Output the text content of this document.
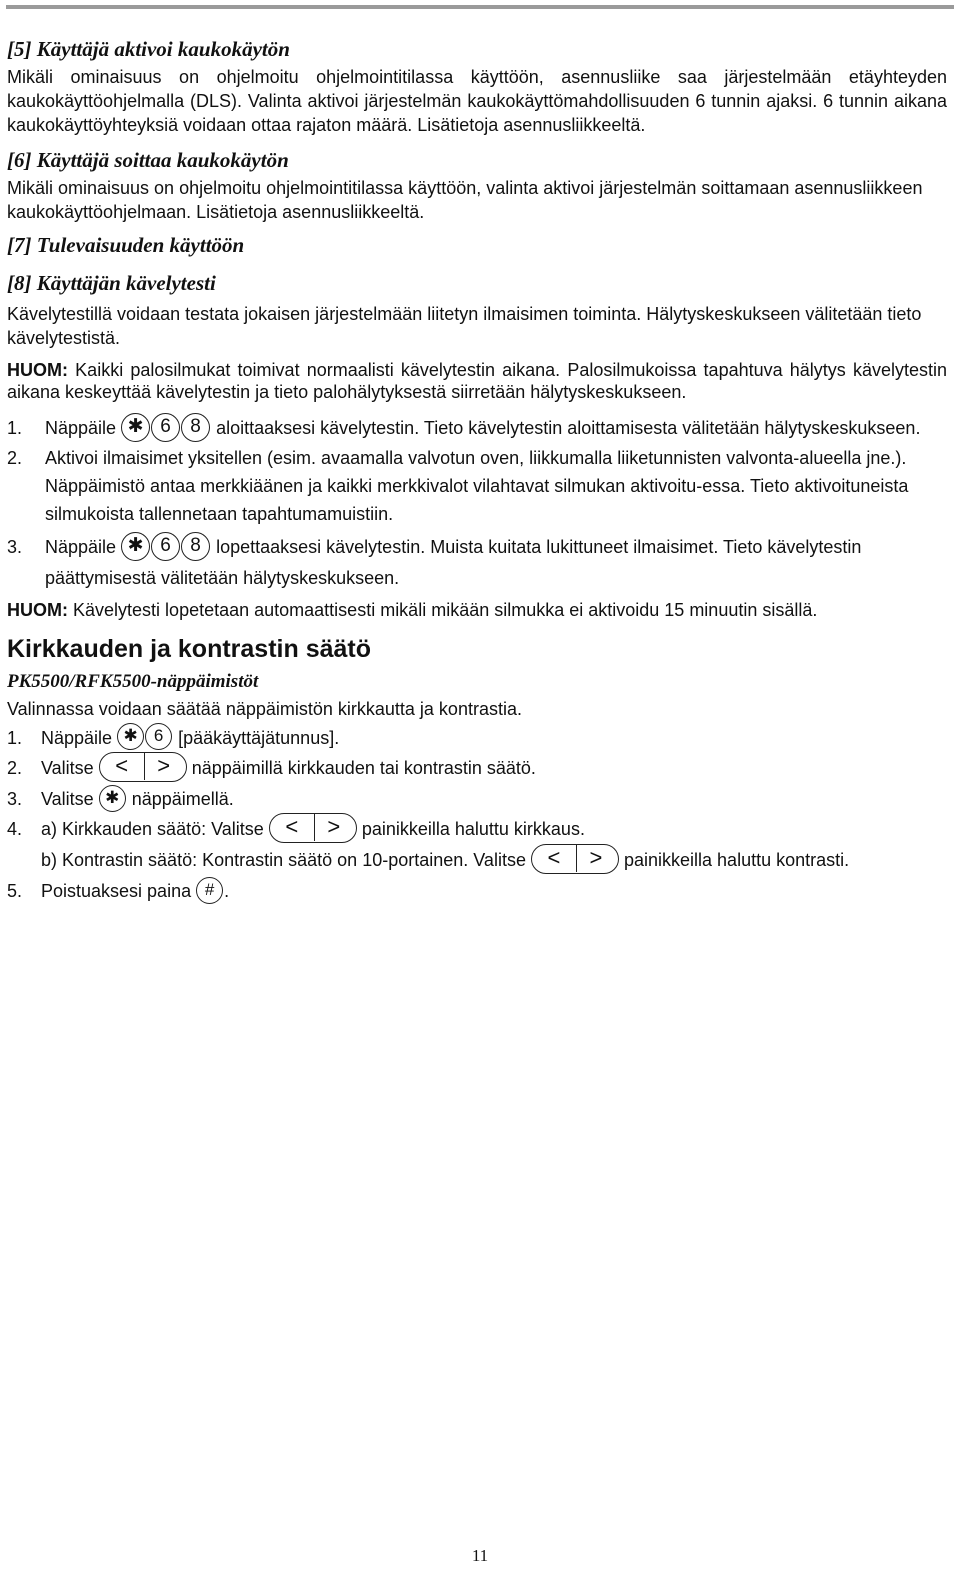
[5] Käyttäjä aktivoi kaukokäytön

Mikäli ominaisuus on ohjelmoitu ohjelmointitilassa käyttöön, asennusliike saa järjestelmään etäyhteyden kaukokäyttöohjelmalla (DLS). Valinta aktivoi järjestelmän kaukokäyttömahdollisuuden 6 tunnin ajaksi. 6 tunnin aikana kaukokäyttöyhteyksiä voidaan ottaa rajaton määrä. Lisätietoja asennusliikkeeltä.

[6] Käyttäjä soittaa kaukokäytön

Mikäli ominaisuus on ohjelmoitu ohjelmointitilassa käyttöön, valinta aktivoi järjestelmän soittamaan asennusliikkeen kaukokäyttöohjelmaan. Lisätietoja asennusliikkeeltä.

[7] Tulevaisuuden käyttöön
[8] Käyttäjän kävelytesti

Kävelytestillä voidaan testata jokaisen järjestelmään liitetyn ilmaisimen toiminta. Hälytyskeskukseen välitetään tieto kävelytestistä.

HUOM: Kaikki palosilmukat toimivat normaalisti kävelytestin aikana. Palosilmukoissa tapahtuva hälytys kävelytestin aikana keskeyttää kävelytestin ja tieto palohälytyksestä siirretään hälytyskeskukseen.

1. Näppäile ✱ 6 8 aloittaaksesi kävelytestin. Tieto kävelytestin aloittamisesta välitetään hälytyskeskukseen.
2. Aktivoi ilmaisimet yksitellen (esim. avaamalla valvotun oven, liikkumalla liiketunnisten valvonta-alueella jne.). Näppäimistö antaa merkkiäänen ja kaikki merkkivalot vilahtavat silmukan aktivoitu-essa. Tieto aktivoituneista silmukoista tallennetaan tapahtumamuistiin.
3. Näppäile ✱ 6 8 lopettaaksesi kävelytestin. Muista kuitata lukittuneet ilmaisimet. Tieto kävelytestin päättymisestä välitetään hälytyskeskukseen.

HUOM: Kävelytesti lopetetaan automaattisesti mikäli mikään silmukka ei aktivoidu 15 minuutin sisällä.

Kirkkauden ja kontrastin säätö
PK5500/RFK5500-näppäimistöt

Valinnassa voidaan säätää näppäimistön kirkkautta ja kontrastia.

1. Näppäile ✱ 6 [pääkäyttäjätunnus].
2. Valitse <	>	näppäimillä kirkkauden tai kontrastin säätö.
3. Valitse ✱ näppäimellä.
4. a) Kirkkauden säätö: Valitse <	>	painikkeilla haluttu kirkkaus.
b) Kontrastin säätö: Kontrastin säätö on 10-portainen. Valitse <	>	painikkeilla haluttu kontrasti.
5. Poistuaksesi paina # .
11
